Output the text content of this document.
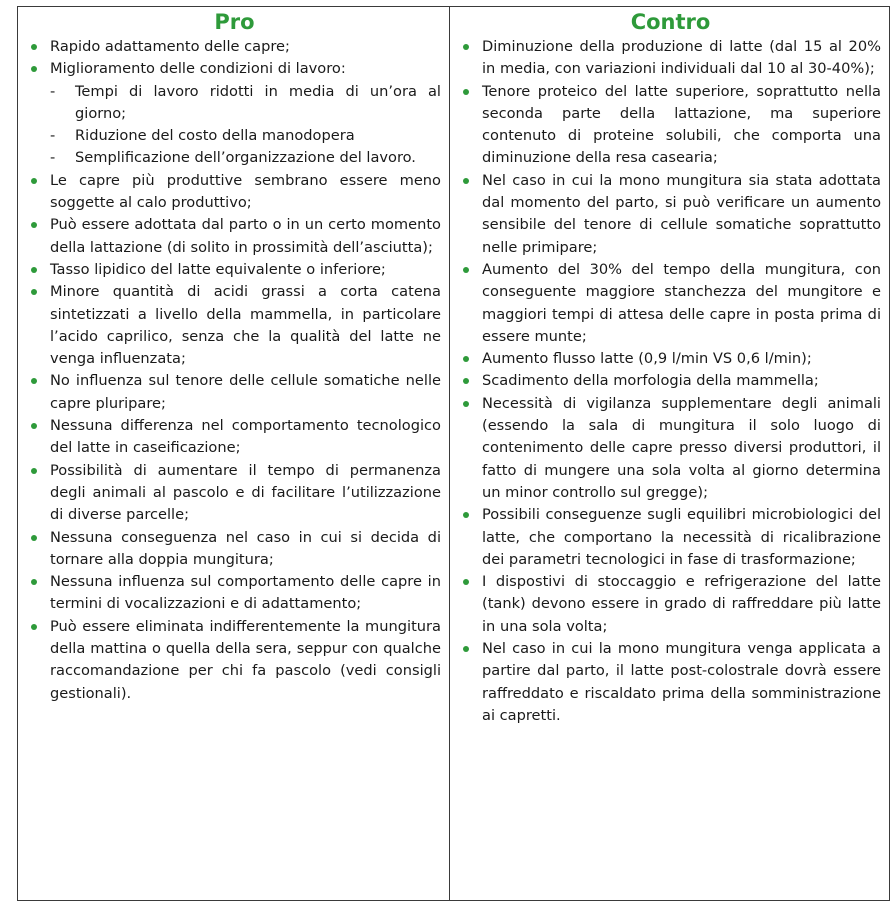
Pro
Rapido adattamento delle capre;
Miglioramento delle condizioni di lavoro:
- Tempi di lavoro ridotti in media di un’ora al giorno;
- Riduzione del costo della manodopera
- Semplificazione dell’organizzazione del lavoro.
Le capre più produttive sembrano essere meno soggette al calo produttivo;
Può essere adottata dal parto o in un certo momento della lattazione (di solito in prossimità dell’asciutta);
Tasso lipidico del latte equivalente o inferiore;
Minore quantità di acidi grassi a corta catena sintetizzati a livello della mammella, in particolare l’acido caprilico, senza che la qualità del latte ne venga influenzata;
No influenza sul tenore delle cellule somatiche nelle capre pluripare;
Nessuna differenza nel comportamento tecnologico del latte in caseificazione;
Possibilità di aumentare il tempo di permanenza degli animali al pascolo e di facilitare l’utilizzazione di diverse parcelle;
Nessuna conseguenza nel caso in cui si decida di tornare alla doppia mungitura;
Nessuna influenza sul comportamento delle capre in termini di vocalizzazioni e di adattamento;
Può essere eliminata indifferentemente la mungitura della mattina o quella della sera, seppur con qualche raccomandazione per chi fa pascolo (vedi consigli gestionali).
Contro
Diminuzione della produzione di latte (dal 15 al 20% in media, con variazioni individuali dal 10 al 30-40%);
Tenore proteico del latte superiore, soprattutto nella seconda parte della lattazione, ma superiore contenuto di proteine solubili, che comporta una diminuzione della resa casearia;
Nel caso in cui la mono mungitura sia stata adottata dal momento del parto, si può verificare un aumento sensibile del tenore di cellule somatiche soprattutto nelle primipare;
Aumento del 30% del tempo della mungitura, con conseguente maggiore stanchezza del mungitore e maggiori tempi di attesa delle capre in posta prima di essere munte;
Aumento flusso latte (0,9 l/min VS 0,6 l/min);
Scadimento della morfologia della mammella;
Necessità di vigilanza supplementare degli animali (essendo la sala di mungitura il solo luogo di contenimento delle capre presso diversi produttori, il fatto di mungere una sola volta al giorno determina un minor controllo sul gregge);
Possibili conseguenze sugli equilibri microbiologici del latte, che comportano la necessità di ricalibrazione dei parametri tecnologici in fase di trasformazione;
I dispostivi di stoccaggio e refrigerazione del latte (tank) devono essere in grado di raffreddare più latte in una sola volta;
Nel caso in cui la mono mungitura venga applicata a partire dal parto, il latte post-colostrale dovrà essere raffreddato e riscaldato prima della somministrazione ai capretti.
